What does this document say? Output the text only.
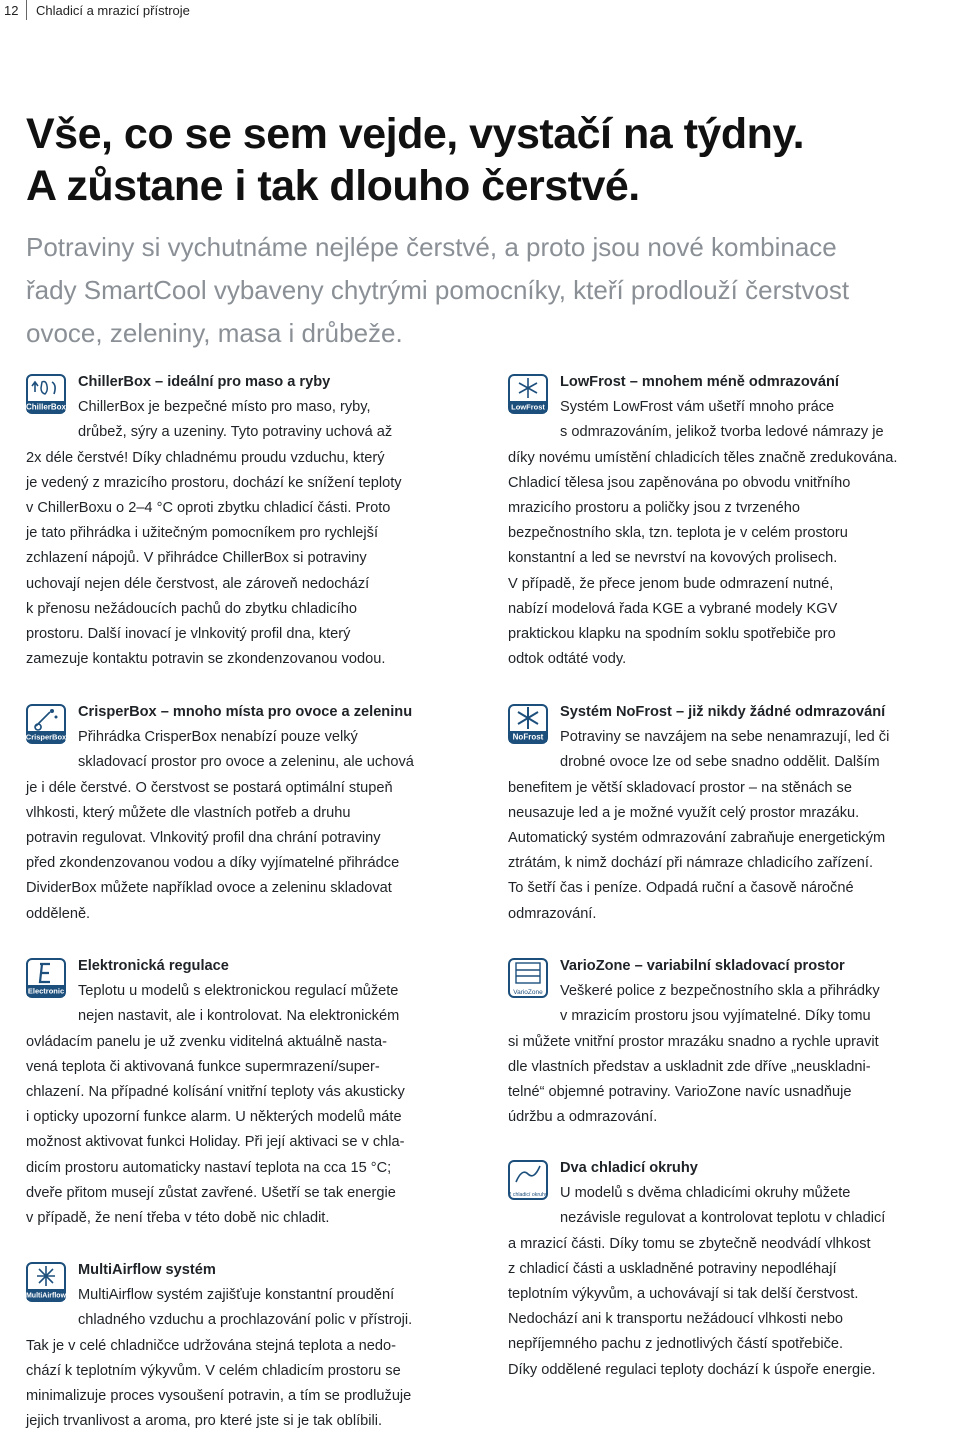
12 Chladicí a mrazicí přístroje
Vše, co se sem vejde, vystačí na týdny.
A zůstane i tak dlouho čerstvé.

Potraviny si vychutnáme nejlépe čerstvé, a proto jsou nové kombinace
řady SmartCool vybaveny chytrými pomocníky, kteří prodlouží čerstvost
ovoce, zeleniny, masa i drůbeže.

ChillerBox
CrisperBox
Electronic
MultiAirflow
LowFrost
NoFrost
VarioZone
2 chladicí okruhy
ChillerBox – ideální pro maso a ryby
ChillerBox je bezpečné místo pro maso, ryby,
drůbež, sýry a uzeniny. Tyto potraviny uchová až
2x déle čerstvé! Díky chladnému proudu vzduchu, který
je vedený z mrazicího prostoru, dochází ke snížení teploty
v ChillerBoxu o 2–4 °C oproti zbytku chladicí části. Proto
je tato přihrádka i užitečným pomocníkem pro rychlejší
zchlazení nápojů. V přihrádce ChillerBox si potraviny
uchovají nejen déle čerstvost, ale zároveň nedochází
k přenosu nežádoucích pachů do zbytku chladicího
prostoru. Další inovací je vlnkovitý profil dna, který
zamezuje kontaktu potravin se zkondenzovanou vodou.
CrisperBox – mnoho místa pro ovoce a zeleninu
Přihrádka CrisperBox nenabízí pouze velký
skladovací prostor pro ovoce a zeleninu, ale uchová
je i déle čerstvé. O čerstvost se postará optimální stupeň
vlhkosti, který můžete dle vlastních potřeb a druhu
potravin regulovat. Vlnkovitý profil dna chrání potraviny
před zkondenzovanou vodou a díky vyjímatelné přihrádce
DividerBox můžete například ovoce a zeleninu skladovat
odděleně.
Elektronická regulace
Teplotu u modelů s elektronickou regulací můžete
nejen nastavit, ale i kontrolovat. Na elektronickém
ovládacím panelu je už zvenku viditelná aktuálně nasta-
vená teplota či aktivovaná funkce supermrazení/super-
chlazení. Na případné kolísání vnitřní teploty vás akusticky
i opticky upozorní funkce alarm. U některých modelů máte
možnost aktivovat funkci Holiday. Při její aktivaci se v chla-
dicím prostoru automaticky nastaví teplota na cca 15 °C;
dveře přitom musejí zůstat zavřené. Ušetří se tak energie
v případě, že není třeba v této době nic chladit.
MultiAirflow systém
MultiAirflow systém zajišťuje konstantní proudění
chladného vzduchu a prochlazování polic v přístroji.
Tak je v celé chladničce udržována stejná teplota a nedo-
chází k teplotním výkyvům. V celém chladicím prostoru se
minimalizuje proces vysoušení potravin, a tím se prodlužuje
jejich trvanlivost a aroma, pro které jste si je tak oblíbili.
LowFrost – mnohem méně odmrazování
Systém LowFrost vám ušetří mnoho práce
s odmrazováním, jelikož tvorba ledové námrazy je
díky novému umístění chladicích těles značně zredukována.
Chladicí tělesa jsou zapěnována po obvodu vnitřního
mrazicího prostoru a poličky jsou z tvrzeného
bezpečnostního skla, tzn. teplota je v celém prostoru
konstantní a led se nevrství na kovových prolisech.
V případě, že přece jenom bude odmrazení nutné,
nabízí modelová řada KGE a vybrané modely KGV
praktickou klapku na spodním soklu spotřebiče pro
odtok odtáté vody.
Systém NoFrost – již nikdy žádné odmrazování
Potraviny se navzájem na sebe nenamrazují, led či
drobné ovoce lze od sebe snadno oddělit. Dalším
benefitem je větší skladovací prostor – na stěnách se
neusazuje led a je možné využít celý prostor mrazáku.
Automatický systém odmrazování zabraňuje energetickým
ztrátám, k nimž dochází při námraze chladicího zařízení.
To šetří čas i peníze. Odpadá ruční a časově náročné
odmrazování.
VarioZone – variabilní skladovací prostor
Veškeré police z bezpečnostního skla a přihrádky
v mrazicím prostoru jsou vyjímatelné. Díky tomu
si můžete vnitřní prostor mrazáku snadno a rychle upravit
dle vlastních představ a uskladnit zde dříve „neuskladni-
telné“ objemné potraviny. VarioZone navíc usnadňuje
údržbu a odmrazování.
Dva chladicí okruhy
U modelů s dvěma chladicími okruhy můžete
nezávisle regulovat a kontrolovat teplotu v chladicí
a mrazicí části. Díky tomu se zbytečně neodvádí vlhkost
z chladicí části a uskladněné potraviny nepodléhají
teplotním výkyvům, a uchovávají si tak delší čerstvost.
Nedochází ani k transportu nežádoucí vlhkosti nebo
nepříjemného pachu z jednotlivých částí spotřebiče.
Díky oddělené regulaci teploty dochází k úspoře energie.
